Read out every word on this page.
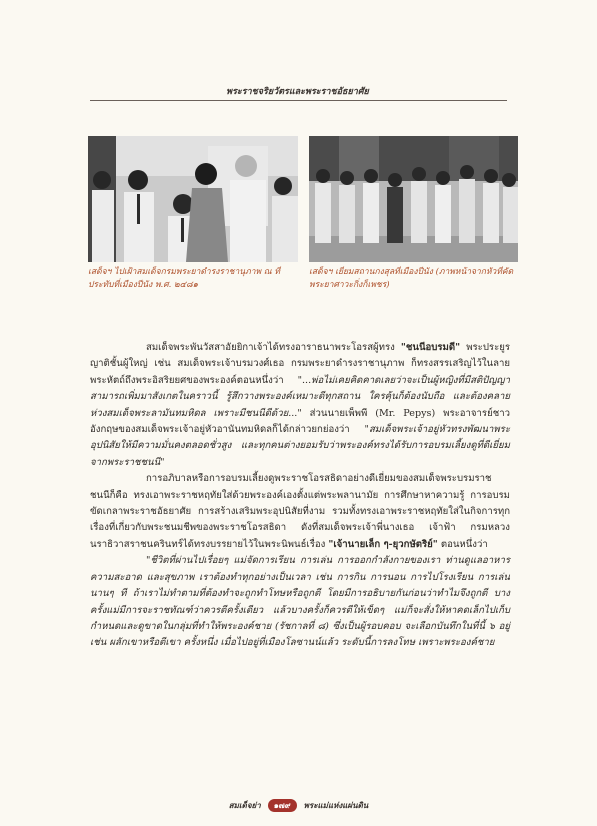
พระราชจริยวัตรและพระราชอัธยาศัย
เสด็จฯ ไปเฝ้าสมเด็จกรมพระยาดำรงราชานุภาพ ณ ที่ประทับที่เมืองปีนัง พ.ศ. ๒๔๘๑
เสด็จฯ เยี่ยมสถานกงสุลที่เมืองปีนัง (ภาพหน้าจากหัวที่คัดพระยาศาวะกิ่งก็เพชร)

สมเด็จพระพันวัสสาอัยยิกาเจ้าได้ทรงอาราธนาพระโอรสผู้ทรง "ชนนีอบรมดี" พระประยูรญาติชั้นผู้ใหญ่ เช่น สมเด็จพระเจ้าบรมวงศ์เธอ กรมพระยาดำรงราชานุภาพ ก็ทรงสรรเสริญไว้ในลายพระหัตถ์ถึงพระอิสริยยศของพระองค์ตอนหนึ่งว่า "...พ่อไม่เคยคิดคาดเลยว่าจะเป็นผู้หญิงที่มีสติปัญญาสามารถเพิ่มมาสังเกตในคราวนี้ รู้สึกวางพระองค์เหมาะดีทุกสถาน ใครคุ้นก็ต้องนับถือ และต้องคลายห่วงสมเด็จพระลามันทมหิดล เพราะมีชนนีดีด้วย..." ส่วนนายเพ็พพี (Mr. Pepys) พระอาจารย์ชาวอังกฤษของสมเด็จพระเจ้าอยู่หัวอานันทมหิดลก็ได้กล่าวยกย่องว่า "สมเด็จพระเจ้าอยู่หัวทรงพัฒนาพระอุปนิสัยให้มีความมั่นคงตลอดชั่วสูง และทุกคนต่างยอมรับว่าพระองค์ทรงได้รับการอบรมเลี้ยงดูที่ดีเยี่ยมจากพระราชชนนี"

การอภิบาลหรือการอบรมเลี้ยงดูพระราชโอรสธิดาอย่างดีเยี่ยมของสมเด็จพระบรมราชชนนีก็คือ ทรงเอาพระราชหฤทัยใส่ด้วยพระองค์เองตั้งแต่พระพลานามัย การศึกษาหาความรู้ การอบรมขัดเกลาพระราชอัธยาศัย การสร้างเสริมพระอุปนิสัยที่งาม รวมทั้งทรงเอาพระราชหฤทัยใส่ในกิจการทุกเรื่องที่เกี่ยวกับพระชนมชีพของพระราชโอรสธิดา ดังที่สมเด็จพระเจ้าพี่นางเธอ เจ้าฟ้า กรมหลวงนราธิวาสราชนครินทร์ได้ทรงบรรยายไว้ในพระนิพนธ์เรื่อง "เจ้านายเล็ก ๆ-ยุวกษัตริย์" ตอนหนึ่งว่า

"ชีวิตที่ผ่านไปเรื่อยๆ แม่จัดการเรียน การเล่น การออกกำลังกายของเรา ท่านดูแลอาหาร ความสะอาด และสุขภาพ เราต้องทำทุกอย่างเป็นเวลา เช่น การกิน การนอน การไปโรงเรียน การเล่น นานๆ ที ถ้าเราไม่ทำตามที่ต้องทำจะถูกทำโทษหรือถูกตี โดยมีการอธิบายกันก่อนว่าทำไมจึงถูกตี บางครั้งแม่มีการจะราชทัณฑ์ว่าควรตีครั้งเดียว แล้วบางครั้งก็ควรตีให้เข็ดๆ แม่ก็จะสั่งให้หาคดเล็กไปเก็บกำหนดและดูขาดในกลุ่มที่ทำให้พระองค์ชาย (รัชกาลที่ ๘) ซึ่งเป็นผู้รอบคอบ จะเลือกบันทึกในที่นี้ ๖ อยู่ เช่น ผลักเขาหรือตีเขา ครั้งหนึ่ง เมื่อไปอยู่ที่เมืองโลซานน์แล้ว ระดับนี้การลงโทษ เพราะพระองค์ชาย

สมเด็จย่า	๑๗๙	พระแม่แห่งแผ่นดิน
